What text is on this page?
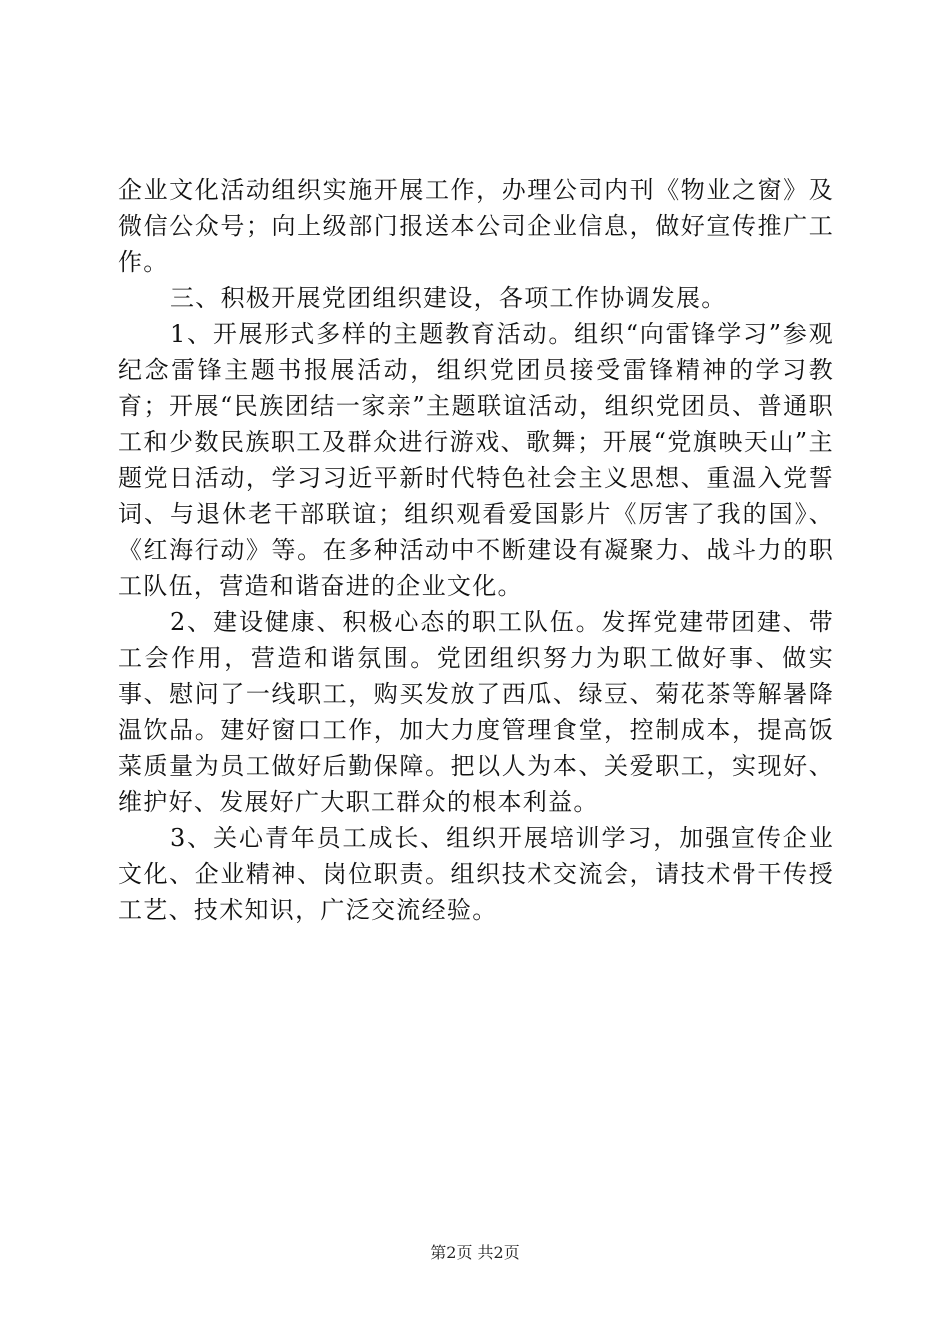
企业文化活动组织实施开展工作，办理公司内刊《物业之窗》及微信公众号；向上级部门报送本公司企业信息，做好宣传推广工作。

三、积极开展党团组织建设，各项工作协调发展。

1、开展形式多样的主题教育活动。组织“向雷锋学习”参观纪念雷锋主题书报展活动，组织党团员接受雷锋精神的学习教育；开展“民族团结一家亲”主题联谊活动，组织党团员、普通职工和少数民族职工及群众进行游戏、歌舞；开展“党旗映天山”主题党日活动，学习习近平新时代特色社会主义思想、重温入党誓词、与退休老干部联谊；组织观看爱国影片《厉害了我的国》、《红海行动》等。在多种活动中不断建设有凝聚力、战斗力的职工队伍，营造和谐奋进的企业文化。

2、建设健康、积极心态的职工队伍。发挥党建带团建、带工会作用，营造和谐氛围。党团组织努力为职工做好事、做实事、慰问了一线职工，购买发放了西瓜、绿豆、菊花茶等解暑降温饮品。建好窗口工作，加大力度管理食堂，控制成本，提高饭菜质量为员工做好后勤保障。把以人为本、关爱职工，实现好、维护好、发展好广大职工群众的根本利益。

3、关心青年员工成长、组织开展培训学习，加强宣传企业文化、企业精神、岗位职责。组织技术交流会，请技术骨干传授工艺、技术知识，广泛交流经验。

第2页 共2页
